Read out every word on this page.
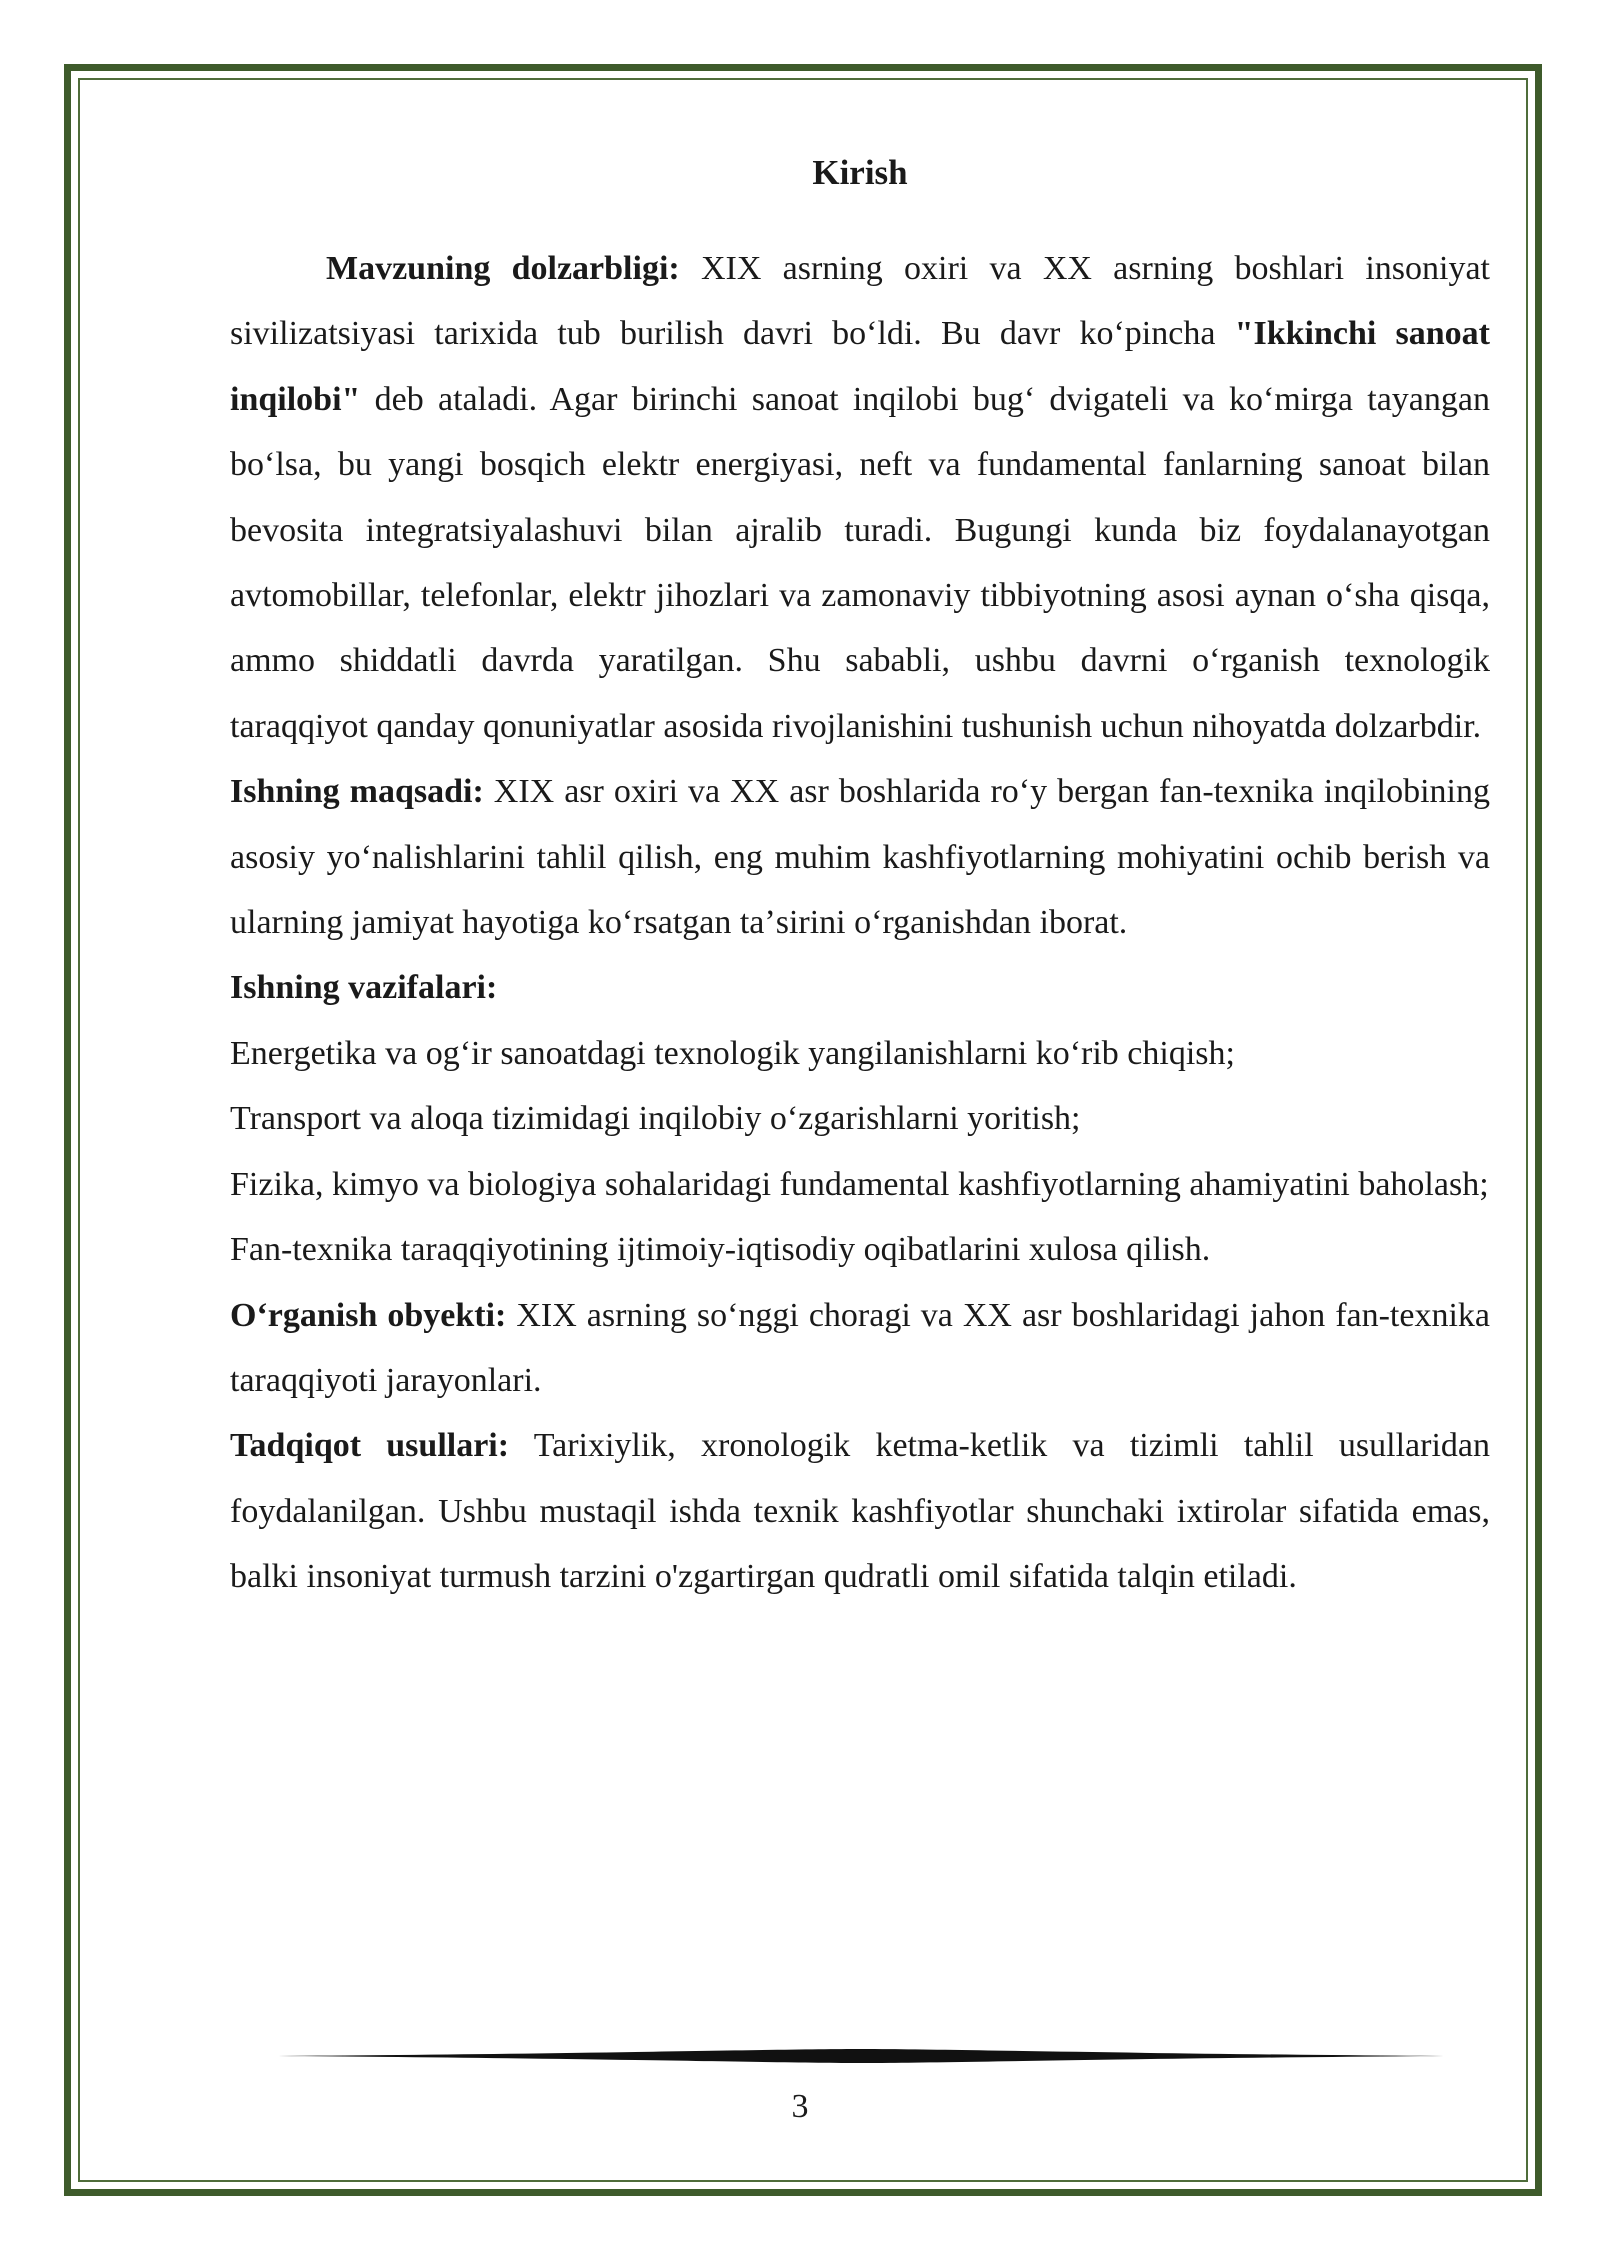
Kirish

Mavzuning dolzarbligi: XIX asrning oxiri va XX asrning boshlari insoniyat sivilizatsiyasi tarixida tub burilish davri boʻldi. Bu davr koʻpincha "Ikkinchi sanoat inqilobi" deb ataladi. Agar birinchi sanoat inqilobi bugʻ dvigateli va koʻmirga tayangan boʻlsa, bu yangi bosqich elektr energiyasi, neft va fundamental fanlarning sanoat bilan bevosita integratsiyalashuvi bilan ajralib turadi. Bugungi kunda biz foydalanayotgan avtomobillar, telefonlar, elektr jihozlari va zamonaviy tibbiyotning asosi aynan oʻsha qisqa, ammo shiddatli davrda yaratilgan. Shu sababli, ushbu davrni oʻrganish texnologik taraqqiyot qanday qonuniyatlar asosida rivojlanishini tushunish uchun nihoyatda dolzarbdir.

Ishning maqsadi: XIX asr oxiri va XX asr boshlarida roʻy bergan fan-texnika inqilobining asosiy yoʻnalishlarini tahlil qilish, eng muhim kashfiyotlarning mohiyatini ochib berish va ularning jamiyat hayotiga koʻrsatgan taʼsirini oʻrganishdan iborat.

Ishning vazifalari:

Energetika va ogʻir sanoatdagi texnologik yangilanishlarni koʻrib chiqish;

Transport va aloqa tizimidagi inqilobiy oʻzgarishlarni yoritish;

Fizika, kimyo va biologiya sohalaridagi fundamental kashfiyotlarning ahamiyatini baholash;

Fan-texnika taraqqiyotining ijtimoiy-iqtisodiy oqibatlarini xulosa qilish.

Oʻrganish obyekti: XIX asrning soʻnggi choragi va XX asr boshlaridagi jahon fan-texnika taraqqiyoti jarayonlari.

Tadqiqot usullari: Tarixiylik, xronologik ketma-ketlik va tizimli tahlil usullaridan foydalanilgan. Ushbu mustaqil ishda texnik kashfiyotlar shunchaki ixtirolar sifatida emas, balki insoniyat turmush tarzini o'zgartirgan qudratli omil sifatida talqin etiladi.

3
